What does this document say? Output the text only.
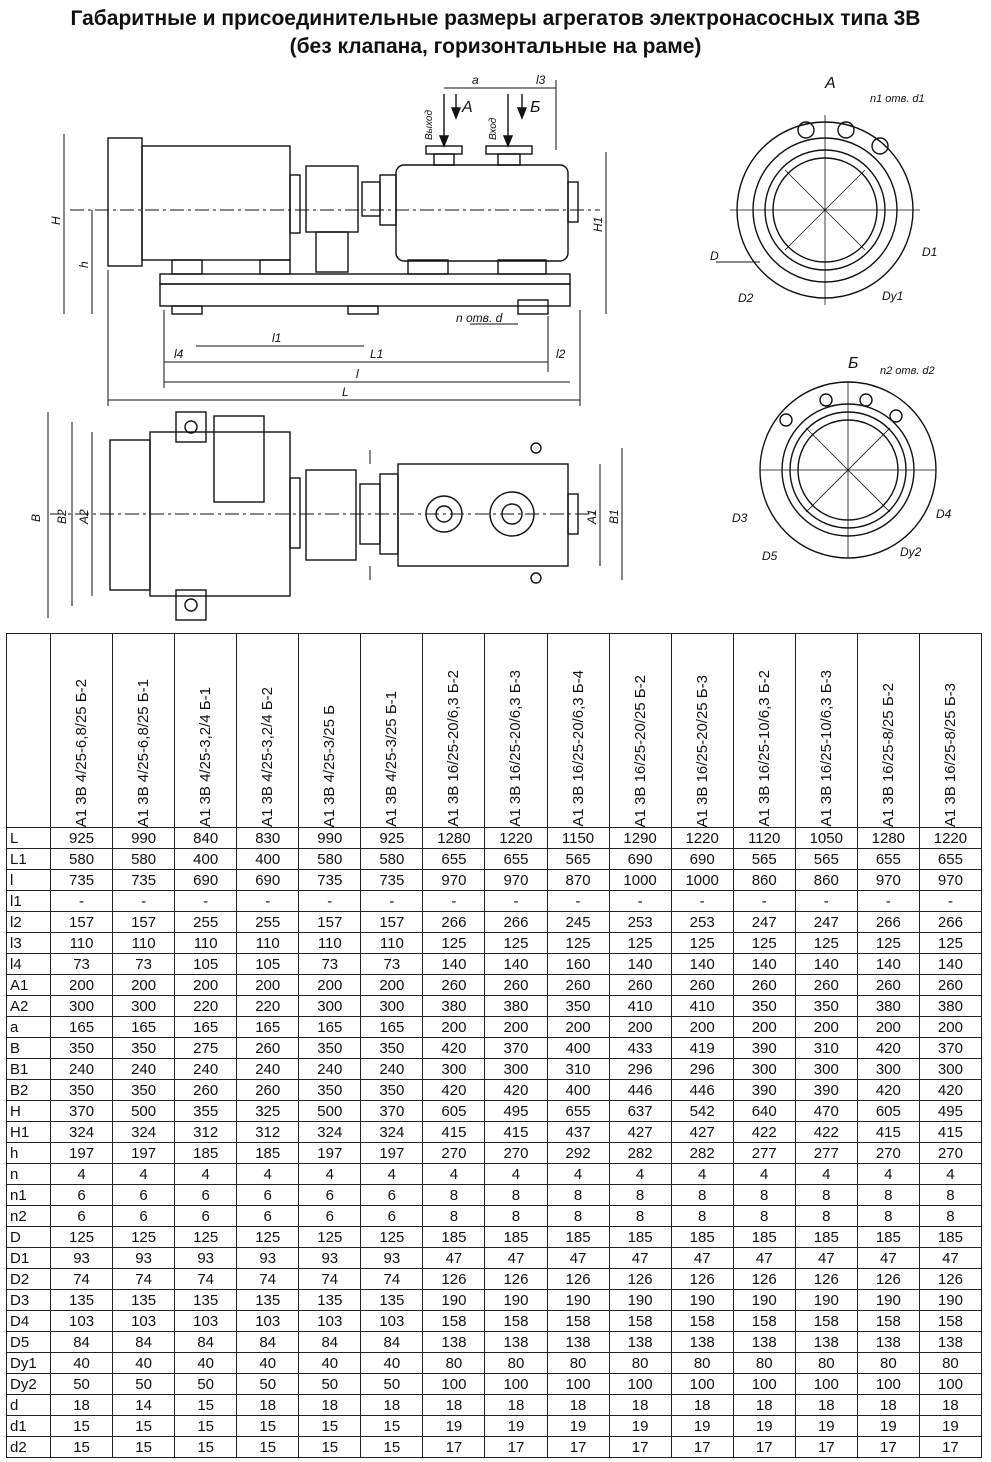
Габаритные и присоединительные размеры агрегатов электронасосных типа 3В
(без клапана, горизонтальные на раме)
А
Б
А	Б
Выход	Вход
a	l3
H
h
H1
l1
L1
l
L
l4	l2
n отв. d
B B2 A2	A1 B1
n1 отв. d1
D	D1
D2	Dу1
n2 отв. d2
D3	D4
D5	Dу2

	А1 3В 4/25-6,8/25 Б-2	А1 3В 4/25-6,8/25 Б-1	А1 3В 4/25-3,2/4 Б-1	А1 3В 4/25-3,2/4 Б-2	А1 3В 4/25-3/25 Б	А1 3В 4/25-3/25 Б-1	А1 3В 16/25-20/6,3 Б-2	А1 3В 16/25-20/6,3 Б-3	А1 3В 16/25-20/6,3 Б-4	А1 3В 16/25-20/25 Б-2	А1 3В 16/25-20/25 Б-3	А1 3В 16/25-10/6,3 Б-2	А1 3В 16/25-10/6,3 Б-3	А1 3В 16/25-8/25 Б-2	А1 3В 16/25-8/25 Б-3

L	925	990	840	830	990	925	1280	1220	1150	1290	1220	1120	1050	1280	1220
L1	580	580	400	400	580	580	655	655	565	690	690	565	565	655	655
l	735	735	690	690	735	735	970	970	870	1000	1000	860	860	970	970
l1	-	-	-	-	-	-	-	-	-	-	-	-	-	-	-
l2	157	157	255	255	157	157	266	266	245	253	253	247	247	266	266
l3	110	110	110	110	110	110	125	125	125	125	125	125	125	125	125
l4	73	73	105	105	73	73	140	140	160	140	140	140	140	140	140
A1	200	200	200	200	200	200	260	260	260	260	260	260	260	260	260
A2	300	300	220	220	300	300	380	380	350	410	410	350	350	380	380
a	165	165	165	165	165	165	200	200	200	200	200	200	200	200	200
B	350	350	275	260	350	350	420	370	400	433	419	390	310	420	370
B1	240	240	240	240	240	240	300	300	310	296	296	300	300	300	300
B2	350	350	260	260	350	350	420	420	400	446	446	390	390	420	420
H	370	500	355	325	500	370	605	495	655	637	542	640	470	605	495
H1	324	324	312	312	324	324	415	415	437	427	427	422	422	415	415
h	197	197	185	185	197	197	270	270	292	282	282	277	277	270	270
n	4	4	4	4	4	4	4	4	4	4	4	4	4	4	4
n1	6	6	6	6	6	6	8	8	8	8	8	8	8	8	8
n2	6	6	6	6	6	6	8	8	8	8	8	8	8	8	8
D	125	125	125	125	125	125	185	185	185	185	185	185	185	185	185
D1	93	93	93	93	93	93	47	47	47	47	47	47	47	47	47
D2	74	74	74	74	74	74	126	126	126	126	126	126	126	126	126
D3	135	135	135	135	135	135	190	190	190	190	190	190	190	190	190
D4	103	103	103	103	103	103	158	158	158	158	158	158	158	158	158
D5	84	84	84	84	84	84	138	138	138	138	138	138	138	138	138
Dу1	40	40	40	40	40	40	80	80	80	80	80	80	80	80	80
Dу2	50	50	50	50	50	50	100	100	100	100	100	100	100	100	100
d	18	14	15	18	18	18	18	18	18	18	18	18	18	18	18
d1	15	15	15	15	15	15	19	19	19	19	19	19	19	19	19
d2	15	15	15	15	15	15	17	17	17	17	17	17	17	17	17
